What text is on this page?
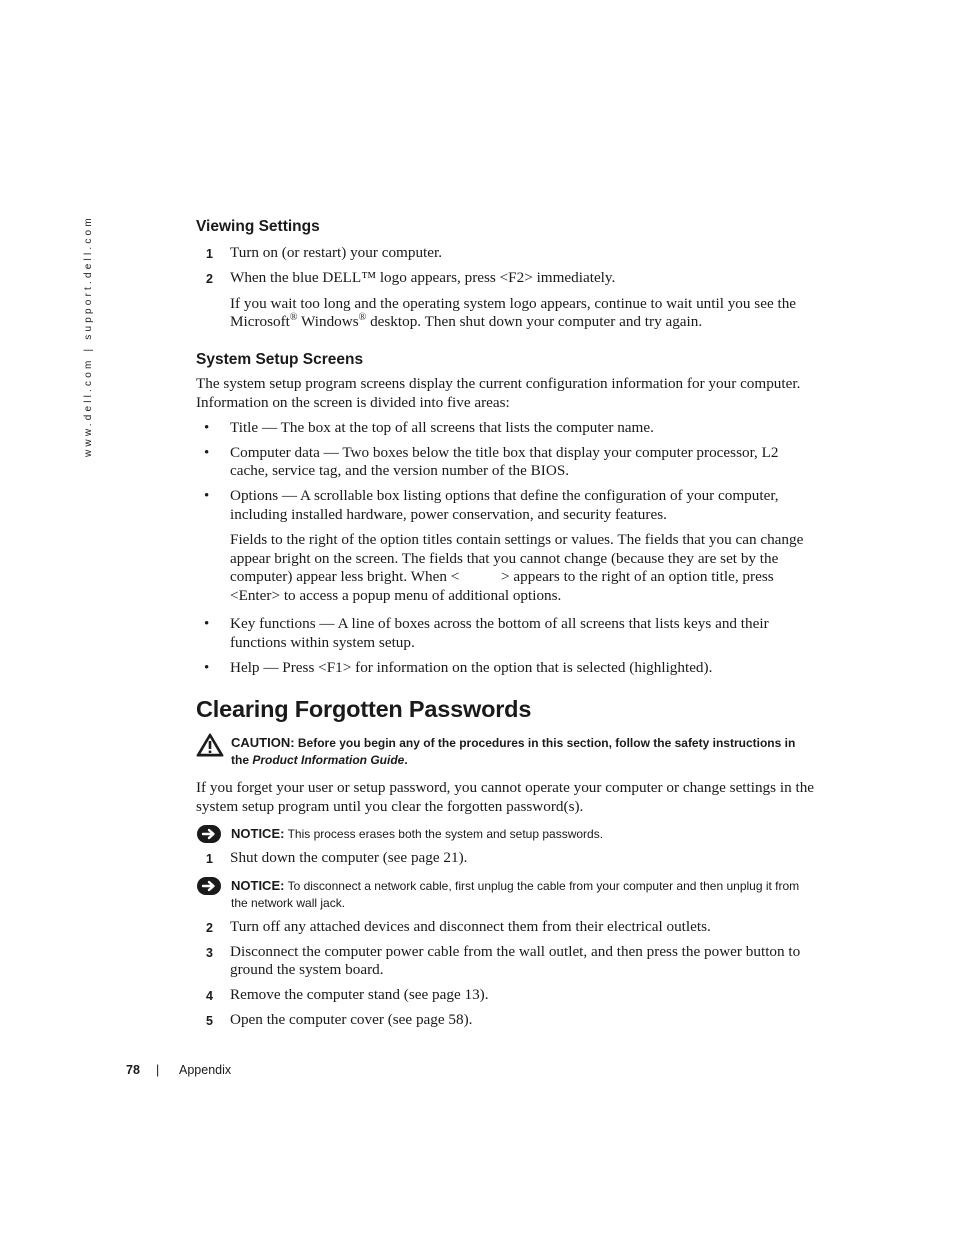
www.dell.com | support.dell.com	Viewing Settings
1 Turn on (or restart) your computer.
2 When the blue DELL™ logo appears, press <F2> immediately.
If you wait too long and the operating system logo appears, continue to wait until you see the Microsoft® Windows® desktop. Then shut down your computer and try again.
System Setup Screens

The system setup program screens display the current configuration information for your computer. Information on the screen is divided into five areas:

• Title — The box at the top of all screens that lists the computer name.
• Computer data — Two boxes below the title box that display your computer processor, L2 cache, service tag, and the version number of the BIOS.
• Options — A scrollable box listing options that define the configuration of your computer, including installed hardware, power conservation, and security features.
Fields to the right of the option titles contain settings or values. The fields that you can change appear bright on the screen. The fields that you cannot change (because they are set by the computer) appear less bright. When <           > appears to the right of an option title, press <Enter> to access a popup menu of additional options.
• Key functions — A line of boxes across the bottom of all screens that lists keys and their functions within system setup.
• Help — Press <F1> for information on the option that is selected (highlighted).
Clearing Forgotten Passwords
CAUTION: Before you begin any of the procedures in this section, follow the safety instructions in the Product Information Guide.

If you forget your user or setup password, you cannot operate your computer or change settings in the system setup program until you clear the forgotten password(s).

NOTICE: This process erases both the system and setup passwords.
1 Shut down the computer (see page 21).
NOTICE: To disconnect a network cable, first unplug the cable from your computer and then unplug it from the network wall jack.
2 Turn off any attached devices and disconnect them from their electrical outlets.
3 Disconnect the computer power cable from the wall outlet, and then press the power button to ground the system board.
4 Remove the computer stand (see page 13).
5 Open the computer cover (see page 58).
78 | Appendix
